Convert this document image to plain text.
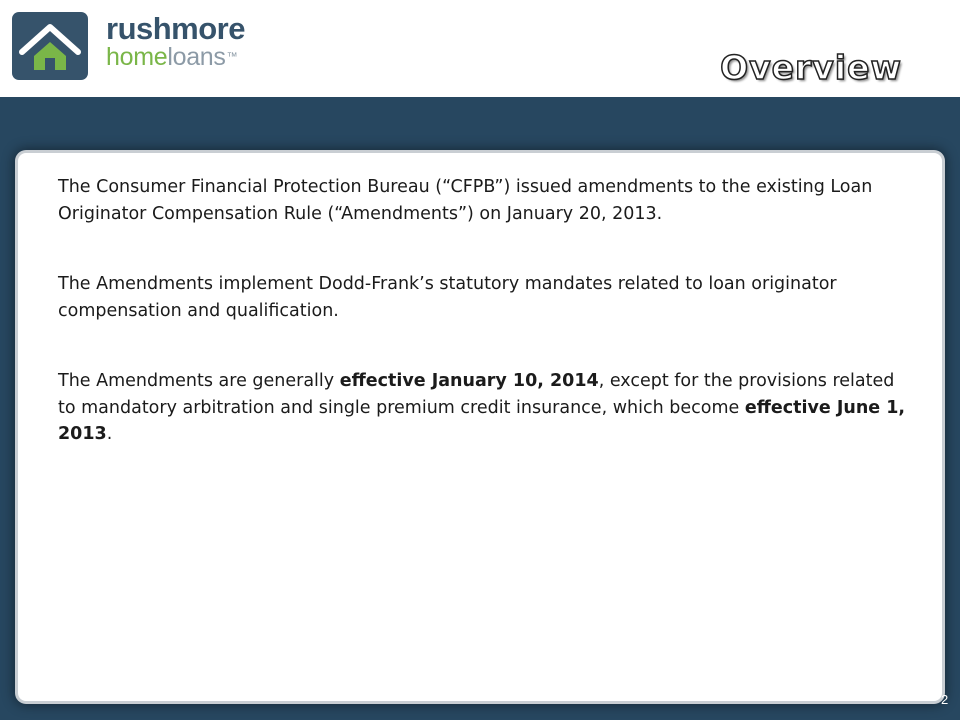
rushmore
homeloans™	Overview

The Consumer Financial Protection Bureau (“CFPB”) issued amendments to the existing Loan Originator Compensation Rule (“Amendments”) on January 20, 2013.

The Amendments implement Dodd-Frank’s statutory mandates related to loan originator compensation and qualification.

The Amendments are generally effective January 10, 2014, except for the provisions related to mandatory arbitration and single premium credit insurance, which become effective June 1, 2013.

2
